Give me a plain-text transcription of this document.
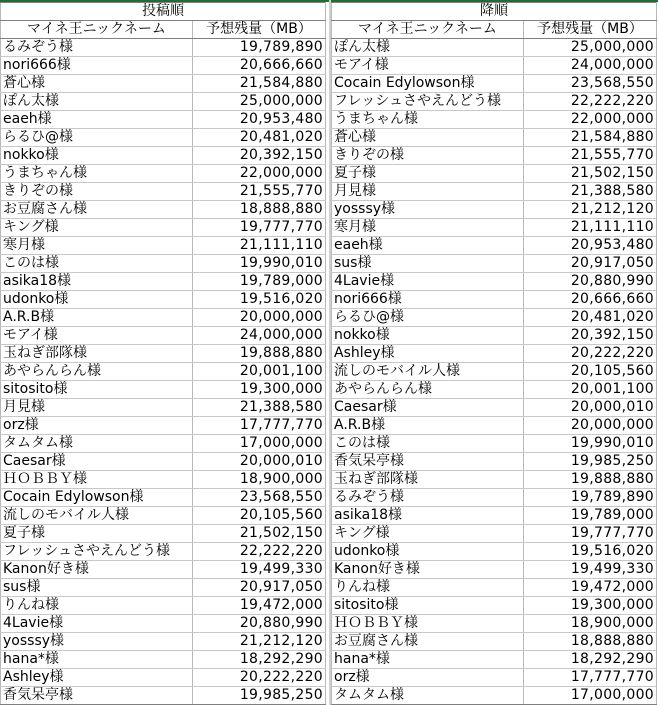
投稿順	
マイネ王ニックネーム	予想残量（MB）
るみぞう様	19,789,890
nori666様	20,666,660
蒼心様	21,584,880
ぽん太様	25,000,000
eaeh様	20,953,480
らるひ@様	20,481,020
nokko様	20,392,150
うまちゃん様	22,000,000
きりぞの様	21,555,770
お豆腐さん様	18,888,880
キング様	19,777,770
寒月様	21,111,110
このは様	19,990,010
asika18様	19,789,000
udonko様	19,516,020
A.R.B様	20,000,000
モアイ様	24,000,000
玉ねぎ部隊様	19,888,880
あやらんらん様	20,001,100
sitosito様	19,300,000
月見様	21,388,580
orz様	17,777,770
タムタム様	17,000,000
Caesar様	20,000,010
ＨＯＢＢＹ様	18,900,000
Cocain Edylowson様	23,568,550
流しのモバイル人様	20,105,560
夏子様	21,502,150
フレッシュさやえんどう様	22,222,220
Kanon好き様	19,499,330
sus様	20,917,050
りんね様	19,472,000
4Lavie様	20,880,990
yosssy様	21,212,120
hana*様	18,292,290
Ashley様	20,222,220
香気呆亭様	19,985,250
降順	
マイネ王ニックネーム	予想残量（MB）
ぽん太様	25,000,000
モアイ様	24,000,000
Cocain Edylowson様	23,568,550
フレッシュさやえんどう様	22,222,220
うまちゃん様	22,000,000
蒼心様	21,584,880
きりぞの様	21,555,770
夏子様	21,502,150
月見様	21,388,580
yosssy様	21,212,120
寒月様	21,111,110
eaeh様	20,953,480
sus様	20,917,050
4Lavie様	20,880,990
nori666様	20,666,660
らるひ@様	20,481,020
nokko様	20,392,150
Ashley様	20,222,220
流しのモバイル人様	20,105,560
あやらんらん様	20,001,100
Caesar様	20,000,010
A.R.B様	20,000,000
このは様	19,990,010
香気呆亭様	19,985,250
玉ねぎ部隊様	19,888,880
るみぞう様	19,789,890
asika18様	19,789,000
キング様	19,777,770
udonko様	19,516,020
Kanon好き様	19,499,330
りんね様	19,472,000
sitosito様	19,300,000
ＨＯＢＢＹ様	18,900,000
お豆腐さん様	18,888,880
hana*様	18,292,290
orz様	17,777,770
タムタム様	17,000,000
